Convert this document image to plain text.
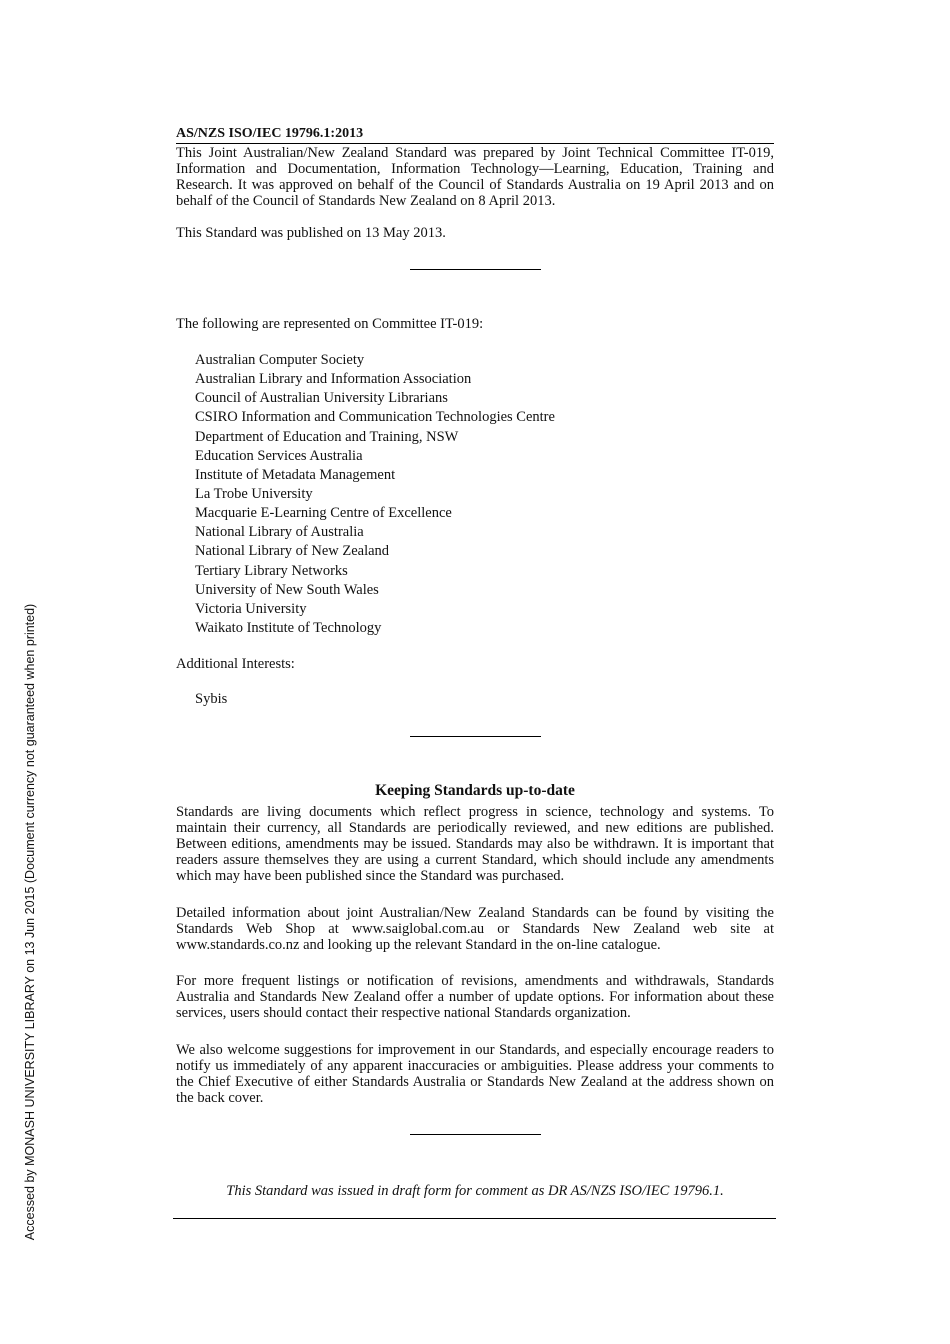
Accessed by MONASH UNIVERSITY LIBRARY on 13 Jun 2015 (Document currency not guaranteed when printed)
AS/NZS ISO/IEC 19796.1:2013

This Joint Australian/New Zealand Standard was prepared by Joint Technical Committee IT-019, Information and Documentation, Information Technology—Learning, Education, Training and Research. It was approved on behalf of the Council of Standards Australia on 19 April 2013 and on behalf of the Council of Standards New Zealand on 8 April 2013.

This Standard was published on 13 May 2013.

The following are represented on Committee IT-019:

Australian Computer Society
Australian Library and Information Association
Council of Australian University Librarians
CSIRO Information and Communication Technologies Centre
Department of Education and Training, NSW
Education Services Australia
Institute of Metadata Management
La Trobe University
Macquarie E-Learning Centre of Excellence
National Library of Australia
National Library of New Zealand
Tertiary Library Networks
University of New South Wales
Victoria University
Waikato Institute of Technology

Additional Interests:

Sybis

Keeping Standards up-to-date

Standards are living documents which reflect progress in science, technology and systems. To maintain their currency, all Standards are periodically reviewed, and new editions are published. Between editions, amendments may be issued. Standards may also be withdrawn. It is important that readers assure themselves they are using a current Standard, which should include any amendments which may have been published since the Standard was purchased.

Detailed information about joint Australian/New Zealand Standards can be found by visiting the Standards Web Shop at www.saiglobal.com.au or Standards New Zealand web site at www.standards.co.nz and looking up the relevant Standard in the on-line catalogue.

For more frequent listings or notification of revisions, amendments and withdrawals, Standards Australia and Standards New Zealand offer a number of update options. For information about these services, users should contact their respective national Standards organization.

We also welcome suggestions for improvement in our Standards, and especially encourage readers to notify us immediately of any apparent inaccuracies or ambiguities. Please address your comments to the Chief Executive of either Standards Australia or Standards New Zealand at the address shown on the back cover.

This Standard was issued in draft form for comment as DR AS/NZS ISO/IEC 19796.1.
